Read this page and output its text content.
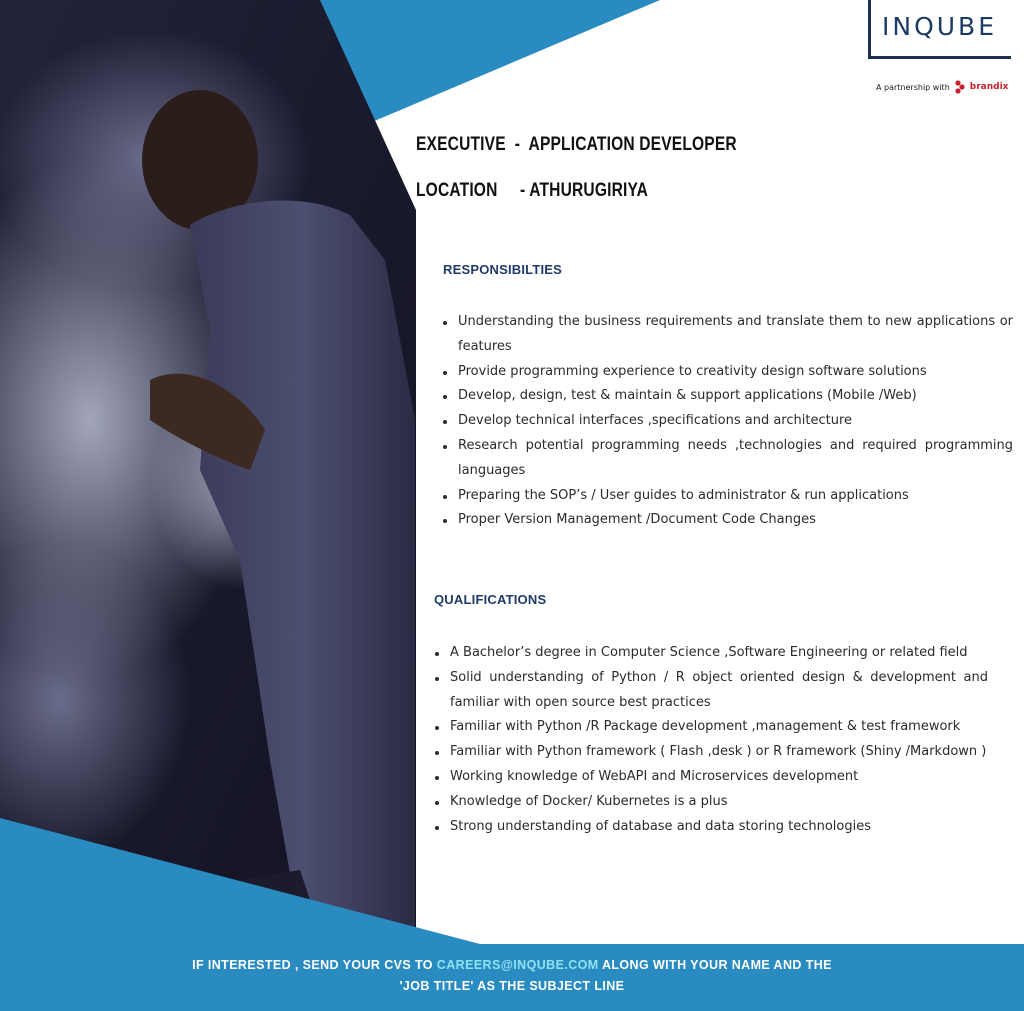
INQUBE
A partnership with brandix
EXECUTIVE  -  APPLICATION DEVELOPER
LOCATION     - ATHURUGIRIYA
RESPONSIBILTIES
Understanding the business requirements and translate them to new applications or features
Provide programming experience to creativity design software solutions
Develop, design, test & maintain & support applications (Mobile /Web)
Develop technical interfaces ,specifications and architecture
Research potential programming needs ,technologies and required programming languages
Preparing the SOP’s / User guides to administrator & run applications
Proper Version Management /Document Code Changes
QUALIFICATIONS
A Bachelor’s degree in Computer Science ,Software Engineering or related field
Solid understanding of Python / R object oriented design & development and familiar with open source best practices
Familiar with Python /R Package development ,management & test framework
Familiar with Python framework ( Flash ,desk ) or R framework (Shiny /Markdown )
Working knowledge of WebAPI and Microservices development
Knowledge of Docker/ Kubernetes is a plus
Strong understanding of database and data storing technologies
IF INTERESTED , SEND YOUR CVS TO CAREERS@INQUBE.COM ALONG WITH YOUR NAME AND THE
'JOB TITLE' AS THE SUBJECT LINE
